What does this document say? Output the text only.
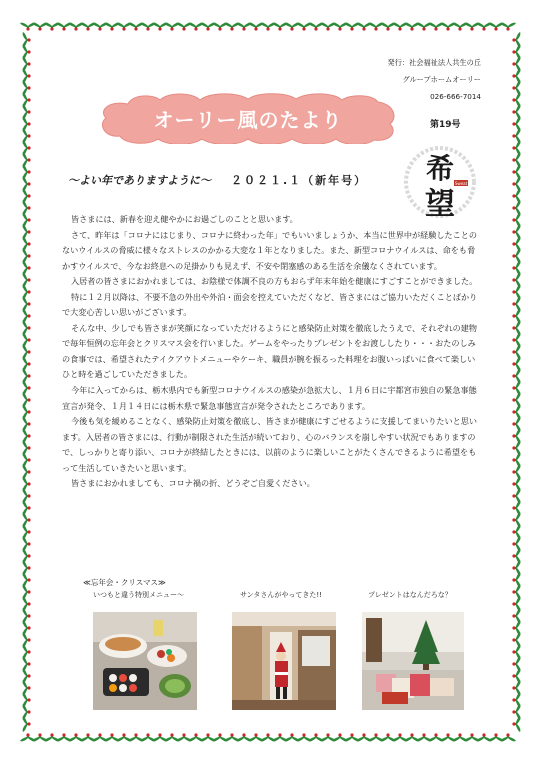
発行：社会福祉法人共生の丘
グループホームオーリー
026-666-7014
オーリー風のたより	第19号
希
望
Sweat
～よい年でありますように～ ２０２１.１（新年号）

皆さまには、新春を迎え健やかにお過ごしのことと思います。

さて、昨年は「コロナにはじまり、コロナに終わった年」でもいいましょうか、本当に世界中が経験したことのないウイルスの脅威に様々なストレスのかかる大変な１年となりました。また、新型コロナウイルスは、命をも脅かすウイルスで、今なお終息への足掛かりも見えず、不安や閉塞感のある生活を余儀なくされています。

入居者の皆さまにおかれましては、お陰様で体調不良の方もおらず年末年始を健康にすごすことができました。

特に１２月以降は、不要不急の外出や外泊・面会を控えていただくなど、皆さまにはご協力いただくことばかりで大変心苦しい思いがございます。

そんな中、少しでも皆さまが笑顔になっていただけるようにと感染防止対策を徹底したうえで、それぞれの建物で毎年恒例の忘年会とクリスマス会を行いました。ゲームをやったりプレゼントをお渡ししたり・・・おたのしみの食事では、希望されたテイクアウトメニューやケーキ、職員が腕を振るった料理をお腹いっぱいに食べて楽しいひと時を過ごしていただきました。

今年に入ってからは、栃木県内でも新型コロナウイルスの感染が急拡大し、１月６日に宇都宮市独自の緊急事態宣言が発令、１月１４日には栃木県で緊急事態宣言が発令されたところであります。

今後も気を緩めることなく、感染防止対策を徹底し、皆さまが健康にすごせるように支援してまいりたいと思います。入居者の皆さまには、行動が制限された生活が続いており、心のバランスを崩しやすい状況でもありますので、しっかりと寄り添い、コロナが終結したときには、以前のように楽しいことがたくさんできるように希望をもって生活していきたいと思います。

皆さまにおかれましても、コロナ禍の折、どうぞご自愛ください。

≪忘年会・クリスマス≫
いつもと違う特別メニュー～	サンタさんがやってきた!!	プレゼントはなんだろな？
